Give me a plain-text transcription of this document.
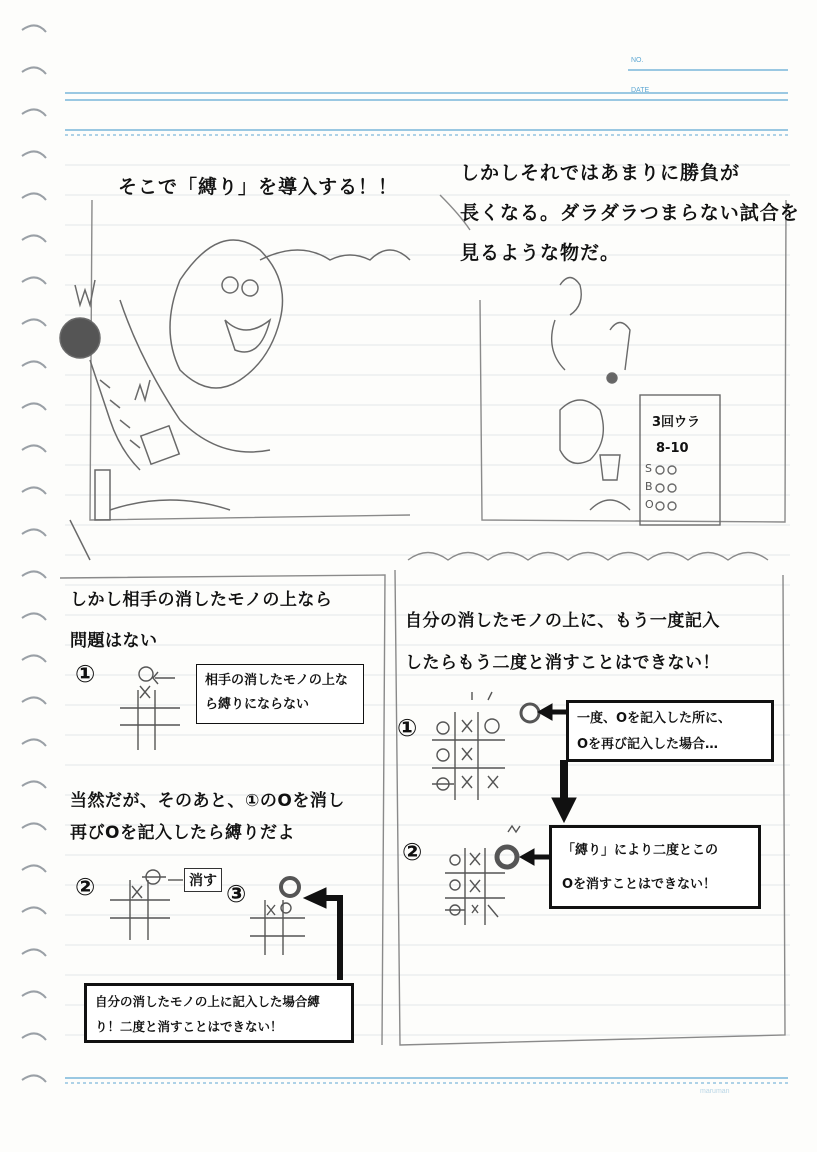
NO.
DATE
maruman
そこで「縛り」を導入する！！
しかしそれではあまりに勝負が
長くなる。ダラダラつまらない試合を
見るような物だ。
3回ウラ
8-10
S
B
O
しかし相手の消したモノの上なら
問題はない
①	相手の消したモノの上な
ら縛りにならない
当然だが、そのあと、①のOを消し
再びOを記入したら縛りだよ
②	消す ③
自分の消したモノの上に記入した場合縛
り！二度と消すことはできない！
自分の消したモノの上に、もう一度記入
したらもう二度と消すことはできない！
①	一度、Oを記入した所に、
Oを再び記入した場合…
②	「縛り」により二度とこの
Oを消すことはできない！
